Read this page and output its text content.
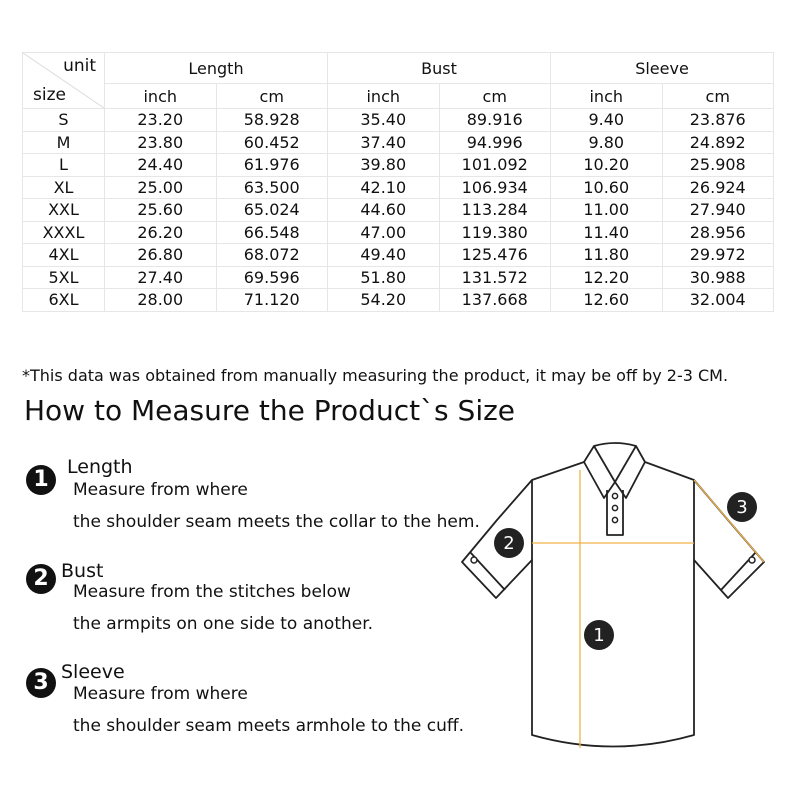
unit
size	Length		Bust		Sleeve	
	inch	cm	inch	cm	inch	cm
S	23.20	58.928	35.40	89.916	9.40	23.876
M	23.80	60.452	37.40	94.996	9.80	24.892
L	24.40	61.976	39.80	101.092	10.20	25.908
XL	25.00	63.500	42.10	106.934	10.60	26.924
XXL	25.60	65.024	44.60	113.284	11.00	27.940
XXXL	26.20	66.548	47.00	119.380	11.40	28.956
4XL	26.80	68.072	49.40	125.476	11.80	29.972
5XL	27.40	69.596	51.80	131.572	12.20	30.988
6XL	28.00	71.120	54.20	137.668	12.60	32.004
*This data was obtained from manually measuring the product, it may be off by 2-3 CM.
How to Measure the Product`s Size
1 Length
Measure from where
the shoulder seam meets the collar to the hem.
2 Bust
Measure from the stitches below
the armpits on one side to another.
3 Sleeve
Measure from where
the shoulder seam meets armhole to the cuff.
1
2
3
